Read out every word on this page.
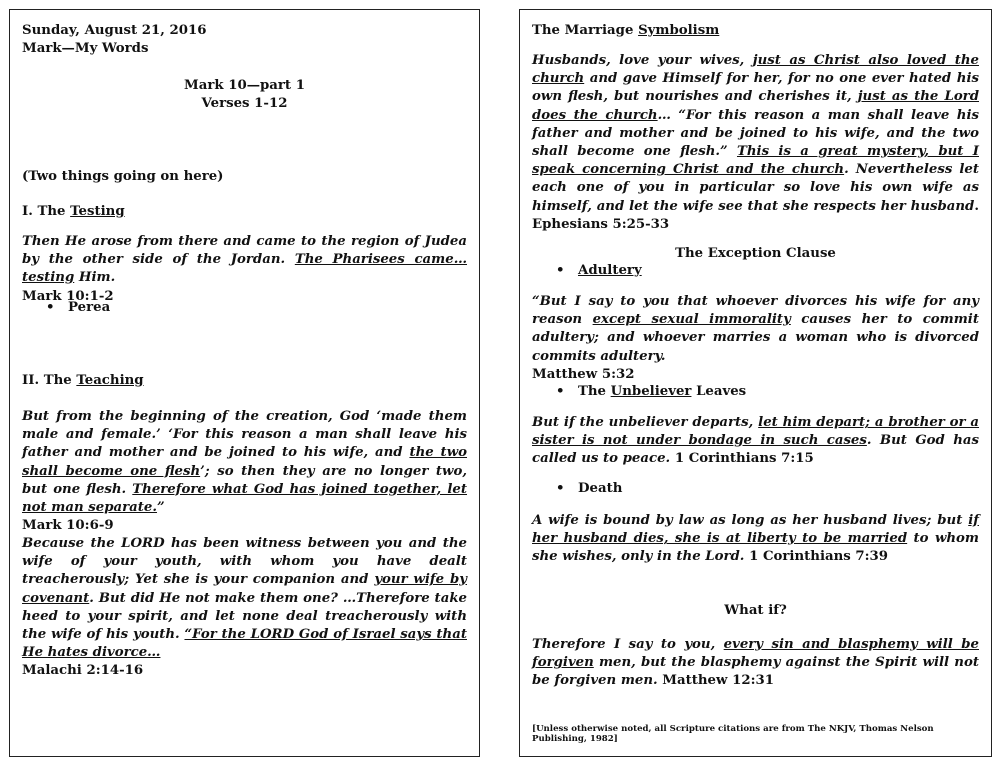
Sunday, August 21, 2016
Mark—My Words
Mark 10—part 1
Verses 1-12
(Two things going on here)
I. The Testing
Then He arose from there and came to the region of Judea by the other side of the Jordan. The Pharisees came…testing Him.
Mark 10:1-2
• Perea
II. The Teaching
But from the beginning of the creation, God ‘made them male and female.’ ‘For this reason a man shall leave his father and mother and be joined to his wife, and the two shall become one flesh’; so then they are no longer two, but one flesh. Therefore what God has joined together, let not man separate.”
Mark 10:6-9
Because the LORD has been witness between you and the wife of your youth, with whom you have dealt treacherously; Yet she is your companion and your wife by covenant. But did He not make them one? …Therefore take heed to your spirit, and let none deal treacherously with the wife of his youth. “For the LORD God of Israel says that He hates divorce…
Malachi 2:14-16
The Marriage Symbolism
Husbands, love your wives, just as Christ also loved the church and gave Himself for her, for no one ever hated his own flesh, but nourishes and cherishes it, just as the Lord does the church… “For this reason a man shall leave his father and mother and be joined to his wife, and the two shall become one flesh.” This is a great mystery, but I speak concerning Christ and the church. Nevertheless let each one of you in particular so love his own wife as himself, and let the wife see that she respects her husband. Ephesians 5:25-33
The Exception Clause
• Adultery
“But I say to you that whoever divorces his wife for any reason except sexual immorality causes her to commit adultery; and whoever marries a woman who is divorced commits adultery.
Matthew 5:32
• The Unbeliever Leaves
But if the unbeliever departs, let him depart; a brother or a sister is not under bondage in such cases. But God has called us to peace. 1 Corinthians 7:15
• Death
A wife is bound by law as long as her husband lives; but if her husband dies, she is at liberty to be married to whom she wishes, only in the Lord. 1 Corinthians 7:39
What if?
Therefore I say to you, every sin and blasphemy will be forgiven men, but the blasphemy against the Spirit will not be forgiven men. Matthew 12:31
[Unless otherwise noted, all Scripture citations are from The NKJV, Thomas Nelson Publishing, 1982]
